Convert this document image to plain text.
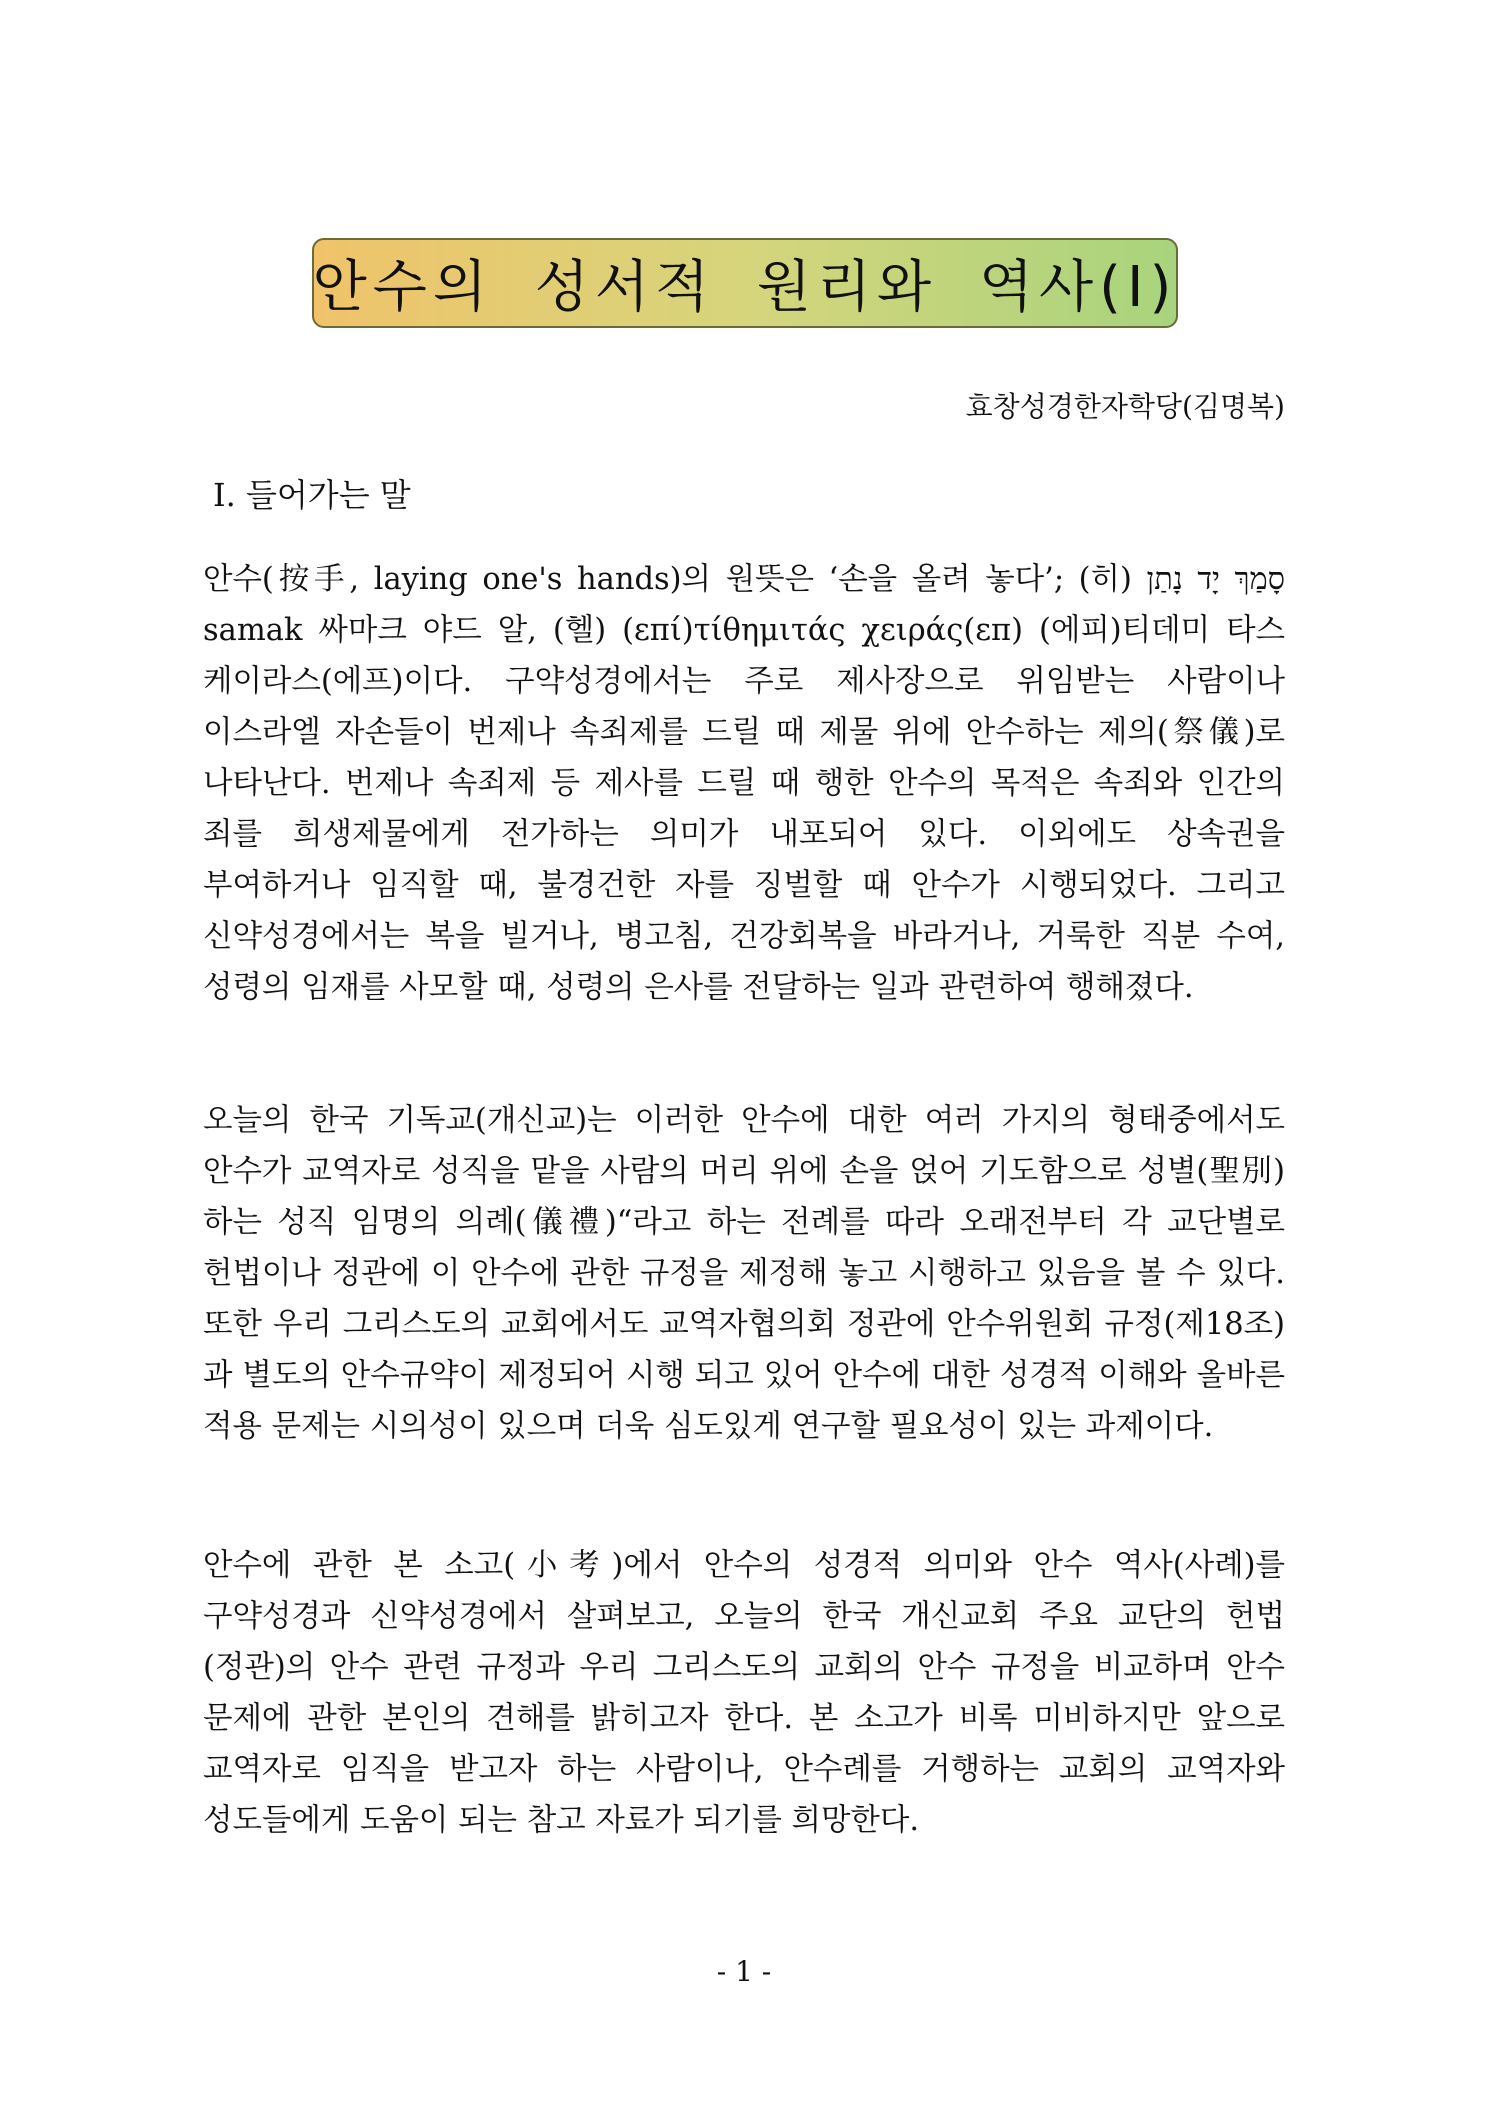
안수의 성서적 원리와 역사(Ⅰ)
효창성경한자학당(김명복)
Ⅰ. 들어가는 말
안수(按手, laying one's hands)의 원뜻은 ‘손을 올려 놓다’; (히) יָד ‏נָתַן‎ סָמַךְ samak 싸마크 야드 알, (헬) (επί)τίθημιτάς χειράς(επ) (에피)티데미 타스 케이라스(에프)이다. 구약성경에서는 주로 제사장으로 위임받는 사람이나 이스라엘 자손들이 번제나 속죄제를 드릴 때 제물 위에 안수하는 제의(祭儀)로 나타난다. 번제나 속죄제 등 제사를 드릴 때 행한 안수의 목적은 속죄와 인간의 죄를 희생제물에게 전가하는 의미가 내포되어 있다. 이외에도 상속권을 부여하거나 임직할 때, 불경건한 자를 징벌할 때 안수가 시행되었다. 그리고 신약성경에서는 복을 빌거나, 병고침, 건강회복을 바라거나, 거룩한 직분 수여, 성령의 임재를 사모할 때, 성령의 은사를 전달하는 일과 관련하여 행해졌다.
오늘의 한국 기독교(개신교)는 이러한 안수에 대한 여러 가지의 형태중에서도 안수가 교역자로 성직을 맡을 사람의 머리 위에 손을 얹어 기도함으로 성별(聖別)하는 성직 임명의 의례(儀禮)“라고 하는 전례를 따라 오래전부터 각 교단별로 헌법이나 정관에 이 안수에 관한 규정을 제정해 놓고 시행하고 있음을 볼 수 있다. 또한 우리 그리스도의 교회에서도 교역자협의회 정관에 안수위원회 규정(제18조)과 별도의 안수규약이 제정되어 시행 되고 있어 안수에 대한 성경적 이해와 올바른 적용 문제는 시의성이 있으며 더욱 심도있게 연구할 필요성이 있는 과제이다.
안수에 관한 본 소고(小考)에서 안수의 성경적 의미와 안수 역사(사례)를 구약성경과 신약성경에서 살펴보고, 오늘의 한국 개신교회 주요 교단의 헌법(정관)의 안수 관련 규정과 우리 그리스도의 교회의 안수 규정을 비교하며 안수 문제에 관한 본인의 견해를 밝히고자 한다. 본 소고가 비록 미비하지만 앞으로 교역자로 임직을 받고자 하는 사람이나, 안수례를 거행하는 교회의 교역자와 성도들에게 도움이 되는 참고 자료가 되기를 희망한다.
- 1 -
